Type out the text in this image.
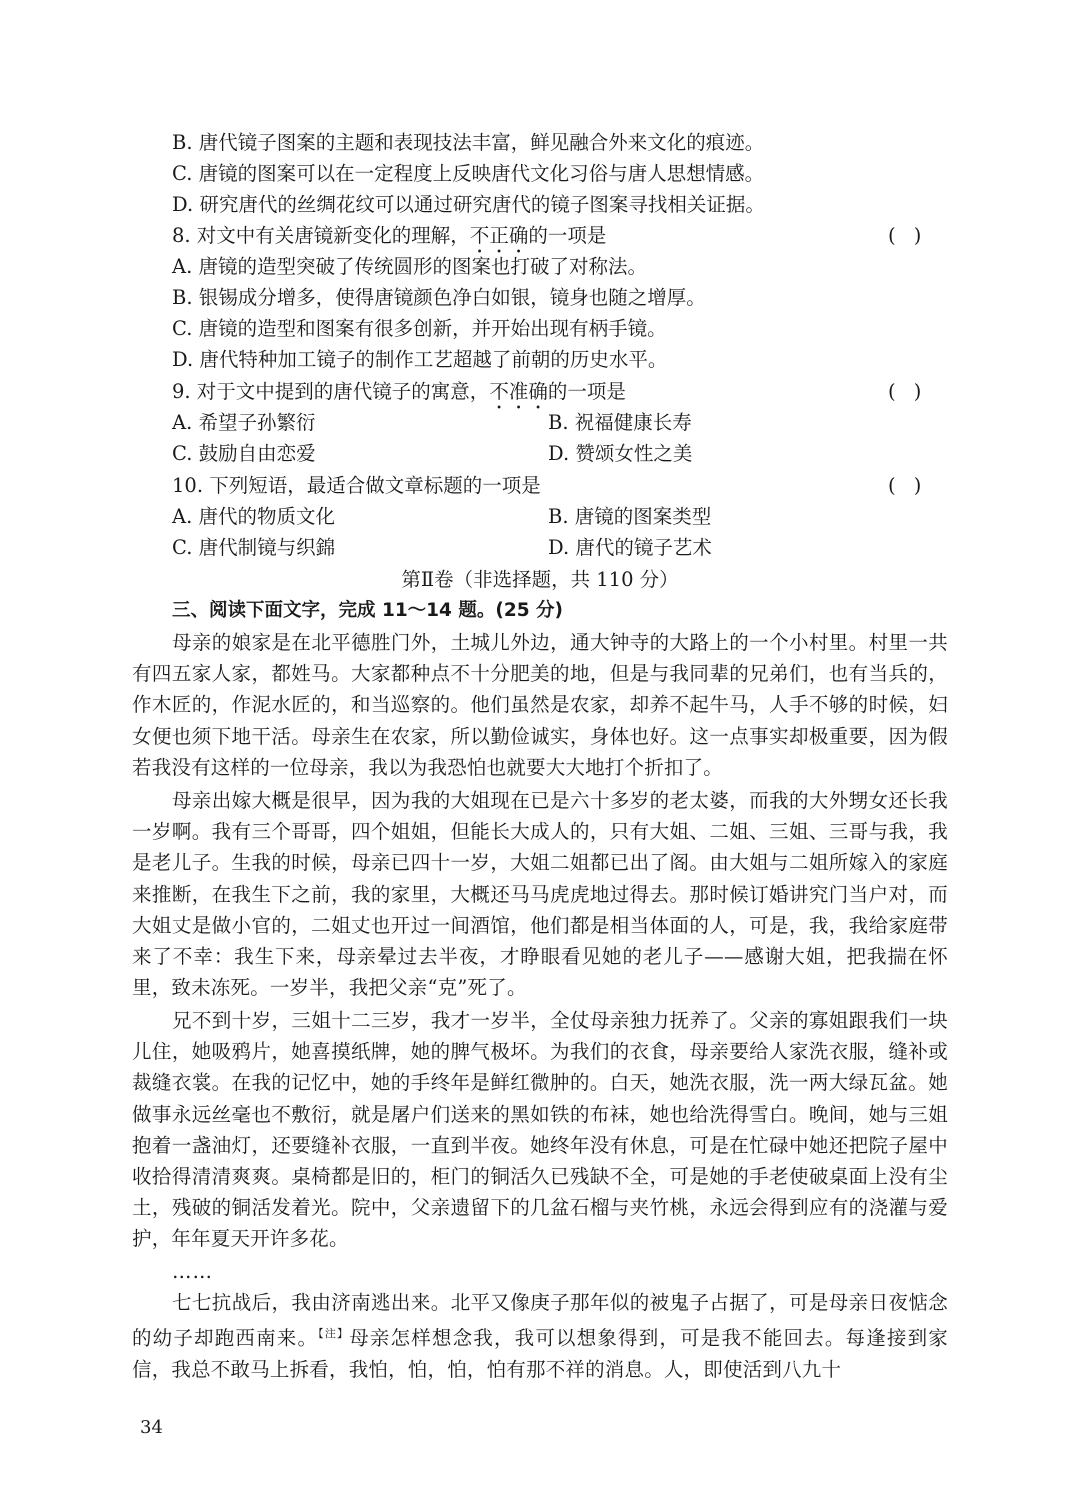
B. 唐代镜子图案的主题和表现技法丰富，鲜见融合外来文化的痕迹。
C. 唐镜的图案可以在一定程度上反映唐代文化习俗与唐人思想情感。
D. 研究唐代的丝绸花纹可以通过研究唐代的镜子图案寻找相关证据。
8. 对文中有关唐镜新变化的理解，不正确的一项是	( )
A. 唐镜的造型突破了传统圆形的图案也打破了对称法。
B. 银锡成分增多，使得唐镜颜色净白如银，镜身也随之增厚。
C. 唐镜的造型和图案有很多创新，并开始出现有柄手镜。
D. 唐代特种加工镜子的制作工艺超越了前朝的历史水平。
9. 对于文中提到的唐代镜子的寓意，不准确的一项是	( )
A. 希望子孙繁衍	B. 祝福健康长寿
C. 鼓励自由恋爱	D. 赞颂女性之美
10. 下列短语，最适合做文章标题的一项是	( )
A. 唐代的物质文化	B. 唐镜的图案类型
C. 唐代制镜与织錦	D. 唐代的镜子艺术
第Ⅱ卷（非选择题，共 110 分）
三、阅读下面文字，完成 11～14 题。(25 分)
母亲的娘家是在北平德胜门外，土城儿外边，通大钟寺的大路上的一个小村里。村里一共有四五家人家，都姓马。大家都种点不十分肥美的地，但是与我同辈的兄弟们，也有当兵的，作木匠的，作泥水匠的，和当巡察的。他们虽然是农家，却养不起牛马，人手不够的时候，妇女便也须下地干活。母亲生在农家，所以勤俭诚实，身体也好。这一点事实却极重要，因为假若我没有这样的一位母亲，我以为我恐怕也就要大大地打个折扣了。
母亲出嫁大概是很早，因为我的大姐现在已是六十多岁的老太婆，而我的大外甥女还长我一岁啊。我有三个哥哥，四个姐姐，但能长大成人的，只有大姐、二姐、三姐、三哥与我，我是老儿子。生我的时候，母亲已四十一岁，大姐二姐都已出了阁。由大姐与二姐所嫁入的家庭来推断，在我生下之前，我的家里，大概还马马虎虎地过得去。那时候订婚讲究门当户对，而大姐丈是做小官的，二姐丈也开过一间酒馆，他们都是相当体面的人，可是，我，我给家庭带来了不幸：我生下来，母亲晕过去半夜，才睁眼看见她的老儿子——感谢大姐，把我揣在怀里，致未冻死。一岁半，我把父亲“克”死了。
兄不到十岁，三姐十二三岁，我才一岁半，全仗母亲独力抚养了。父亲的寡姐跟我们一块儿住，她吸鸦片，她喜摸纸牌，她的脾气极坏。为我们的衣食，母亲要给人家洗衣服，缝补或裁缝衣裳。在我的记忆中，她的手终年是鲜红微肿的。白天，她洗衣服，洗一两大绿瓦盆。她做事永远丝毫也不敷衍，就是屠户们送来的黑如铁的布袜，她也给洗得雪白。晚间，她与三姐抱着一盏油灯，还要缝补衣服，一直到半夜。她终年没有休息，可是在忙碌中她还把院子屋中收拾得清清爽爽。桌椅都是旧的，柜门的铜活久已残缺不全，可是她的手老使破桌面上没有尘土，残破的铜活发着光。院中，父亲遗留下的几盆石榴与夹竹桃，永远会得到应有的浇灌与爱护，年年夏天开许多花。
……
七七抗战后，我由济南逃出来。北平又像庚子那年似的被鬼子占据了，可是母亲日夜惦念的幼子却跑西南来。$^{【注】}$母亲怎样想念我，我可以想象得到，可是我不能回去。每逢接到家信，我总不敢马上拆看，我怕，怕，怕，怕有那不祥的消息。人，即使活到八九十
34
